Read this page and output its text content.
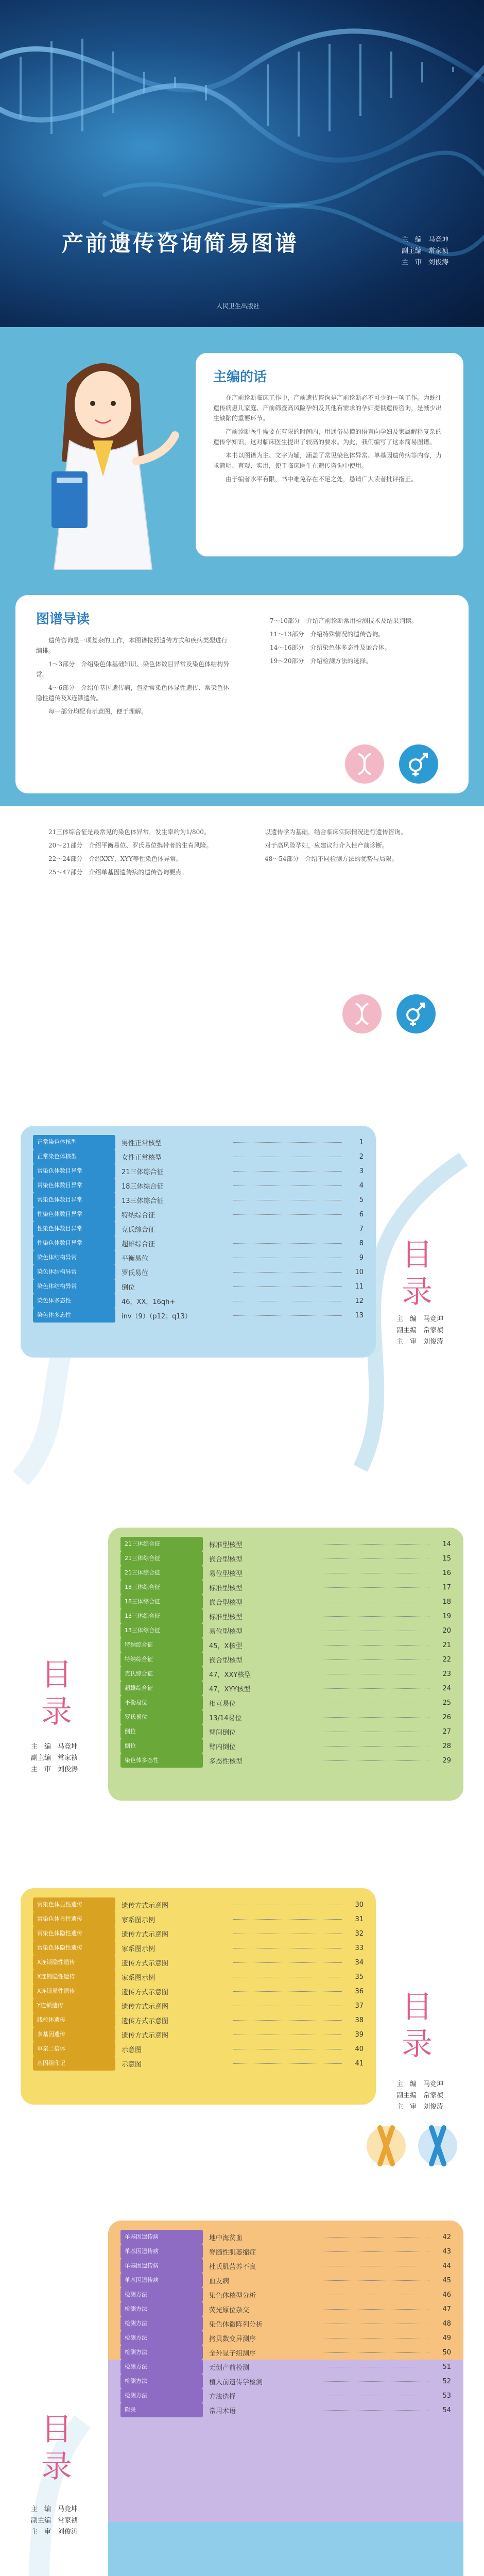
产前遗传咨询简易图谱	主　编　马竞坤
副主编　常家祯
主　审　刘俊涛
人民卫生出版社
主编的话

在产前诊断临床工作中，产前遗传咨询是产前诊断必不可少的一项工作。为既往遗传病患儿家庭、产前筛查高风险孕妇及其他有需求的孕妇提供遗传咨询，是减少出生缺陷的重要环节。

产前诊断医生需要在有限的时间内，用通俗易懂的语言向孕妇及家属解释复杂的遗传学知识，这对临床医生提出了较高的要求。为此，我们编写了这本简易图谱。

本书以图谱为主、文字为辅，涵盖了常见染色体异常、单基因遗传病等内容，力求简明、直观、实用，便于临床医生在遗传咨询中使用。

由于编者水平有限，书中难免存在不足之处，恳请广大读者批评指正。

图谱导读

遗传咨询是一项复杂的工作，本图谱按照遗传方式和疾病类型进行编排。

1～3部分　介绍染色体基础知识、染色体数目异常及染色体结构异常。

4～6部分　介绍单基因遗传病，包括常染色体显性遗传、常染色体隐性遗传及X连锁遗传。

每一部分均配有示意图，便于理解。

7～10部分　介绍产前诊断常用检测技术及结果判读。

11～13部分　介绍特殊情况的遗传咨询。

14～16部分　介绍染色体多态性及嵌合体。

19～20部分　介绍检测方法的选择。

21三体综合征是最常见的染色体异常，发生率约为1/800。

20～21部分　介绍平衡易位、罗氏易位携带者的生育风险。

22～24部分　介绍XXY、XYY等性染色体异常。

25～47部分　介绍单基因遗传病的遗传咨询要点。

以遗传学为基础，结合临床实际情况进行遗传咨询。

对于高风险孕妇，应建议行介入性产前诊断。

48～54部分　介绍不同检测方法的优势与局限。

正常染色体核型	男性正常核型	1
正常染色体核型	女性正常核型	2
常染色体数目异常	21三体综合征	3
常染色体数目异常	18三体综合征	4
常染色体数目异常	13三体综合征	5
性染色体数目异常	特纳综合征	6
性染色体数目异常	克氏综合征	7
性染色体数目异常	超雄综合征	8
染色体结构异常	平衡易位	9
染色体结构异常	罗氏易位	10
染色体结构异常	倒位	11
染色体多态性	46，XX，16qh+	12
染色体多态性	inv（9）（p12；q13）	13
目录
主　编　马竞坤
副主编　常家祯
主　审　刘俊涛
21三体综合征	标准型核型	14
21三体综合征	嵌合型核型	15
21三体综合征	易位型核型	16
18三体综合征	标准型核型	17
18三体综合征	嵌合型核型	18
13三体综合征	标准型核型	19
13三体综合征	易位型核型	20
特纳综合征	45，X核型	21
特纳综合征	嵌合型核型	22
克氏综合征	47，XXY核型	23
超雄综合征	47，XYY核型	24
平衡易位	相互易位	25
罗氏易位	13/14易位	26
倒位	臂间倒位	27
倒位	臂内倒位	28
染色体多态性	多态性核型	29
目录
主　编　马竞坤
副主编　常家祯
主　审　刘俊涛
常染色体显性遗传	遗传方式示意图	30
常染色体显性遗传	家系图示例	31
常染色体隐性遗传	遗传方式示意图	32
常染色体隐性遗传	家系图示例	33
X连锁隐性遗传	遗传方式示意图	34
X连锁隐性遗传	家系图示例	35
X连锁显性遗传	遗传方式示意图	36
Y连锁遗传	遗传方式示意图	37
线粒体遗传	遗传方式示意图	38
多基因遗传	遗传方式示意图	39
单亲二倍体	示意图	40
基因组印记	示意图	41
目录
主　编　马竞坤
副主编　常家祯
主　审　刘俊涛
单基因遗传病	地中海贫血	42
单基因遗传病	脊髓性肌萎缩症	43
单基因遗传病	杜氏肌营养不良	44
单基因遗传病	血友病	45
检测方法	染色体核型分析	46
检测方法	荧光原位杂交	47
检测方法	染色体微阵列分析	48
检测方法	拷贝数变异测序	49
检测方法	全外显子组测序	50
检测方法	无创产前检测	51
检测方法	植入前遗传学检测	52
检测方法	方法选择	53
附录	常用术语	54
目录
主　编　马竞坤
副主编　常家祯
主　审　刘俊涛
